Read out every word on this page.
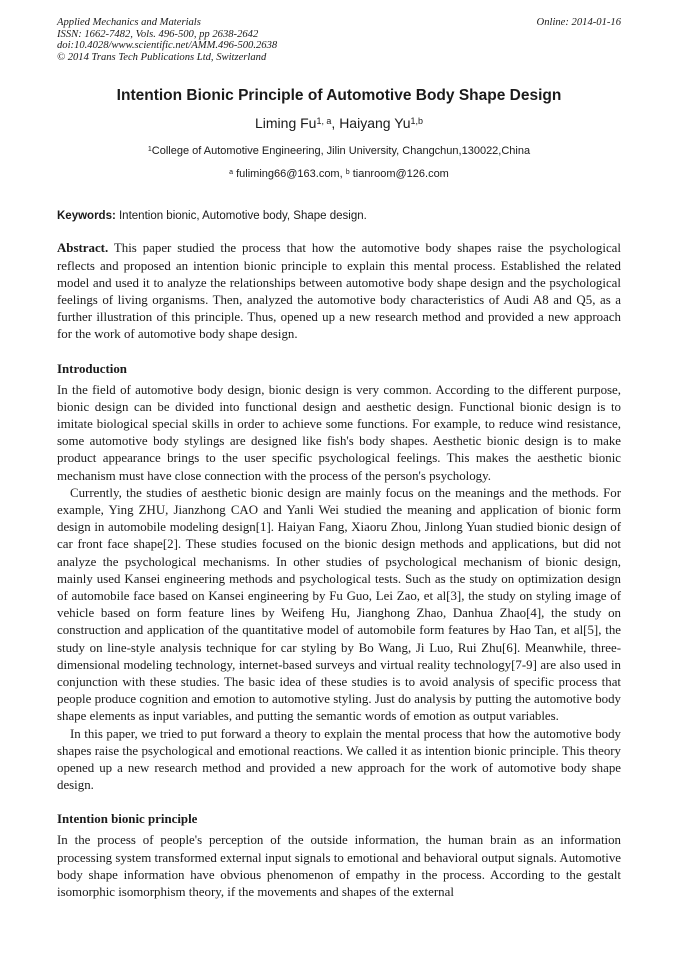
Applied Mechanics and Materials
ISSN: 1662-7482, Vols. 496-500, pp 2638-2642
doi:10.4028/www.scientific.net/AMM.496-500.2638
© 2014 Trans Tech Publications Ltd, Switzerland
Online: 2014-01-16
Intention Bionic Principle of Automotive Body Shape Design
Liming Fu$^{1, a}$, Haiyang Yu$^{1,b}$
$^1$College of Automotive Engineering, Jilin University, Changchun,130022,China
$^a$ fuliming66@163.com, $^b$ tianroom@126.com
Keywords: Intention bionic, Automotive body, Shape design.

Abstract. This paper studied the process that how the automotive body shapes raise the psychological reflects and proposed an intention bionic principle to explain this mental process. Established the related model and used it to analyze the relationships between automotive body shape design and the psychological feelings of living organisms. Then, analyzed the automotive body characteristics of Audi A8 and Q5, as a further illustration of this principle. Thus, opened up a new research method and provided a new approach for the work of automotive body shape design.

Introduction

In the field of automotive body design, bionic design is very common. According to the different purpose, bionic design can be divided into functional design and aesthetic design. Functional bionic design is to imitate biological special skills in order to achieve some functions. For example, to reduce wind resistance, some automotive body stylings are designed like fish's body shapes. Aesthetic bionic design is to make product appearance brings to the user specific psychological feelings. This makes the aesthetic bionic mechanism must have close connection with the process of the person's psychology.

Currently, the studies of aesthetic bionic design are mainly focus on the meanings and the methods. For example, Ying ZHU, Jianzhong CAO and Yanli Wei studied the meaning and application of bionic form design in automobile modeling design[1]. Haiyan Fang, Xiaoru Zhou, Jinlong Yuan studied bionic design of car front face shape[2]. These studies focused on the bionic design methods and applications, but did not analyze the psychological mechanisms. In other studies of psychological mechanism of bionic design, mainly used Kansei engineering methods and psychological tests. Such as the study on optimization design of automobile face based on Kansei engineering by Fu Guo, Lei Zao, et al[3], the study on styling image of vehicle based on form feature lines by Weifeng Hu, Jianghong Zhao, Danhua Zhao[4], the study on construction and application of the quantitative model of automobile form features by Hao Tan, et al[5], the study on line-style analysis technique for car styling by Bo Wang, Ji Luo, Rui Zhu[6]. Meanwhile, three-dimensional modeling technology, internet-based surveys and virtual reality technology[7-9] are also used in conjunction with these studies. The basic idea of these studies is to avoid analysis of specific process that people produce cognition and emotion to automotive styling. Just do analysis by putting the automotive body shape elements as input variables, and putting the semantic words of emotion as output variables.

In this paper, we tried to put forward a theory to explain the mental process that how the automotive body shapes raise the psychological and emotional reactions. We called it as intention bionic principle. This theory opened up a new research method and provided a new approach for the work of automotive body shape design.

Intention bionic principle

In the process of people's perception of the outside information, the human brain as an information processing system transformed external input signals to emotional and behavioral output signals. Automotive body shape information have obvious phenomenon of empathy in the process. According to the gestalt isomorphic isomorphism theory, if the movements and shapes of the external
